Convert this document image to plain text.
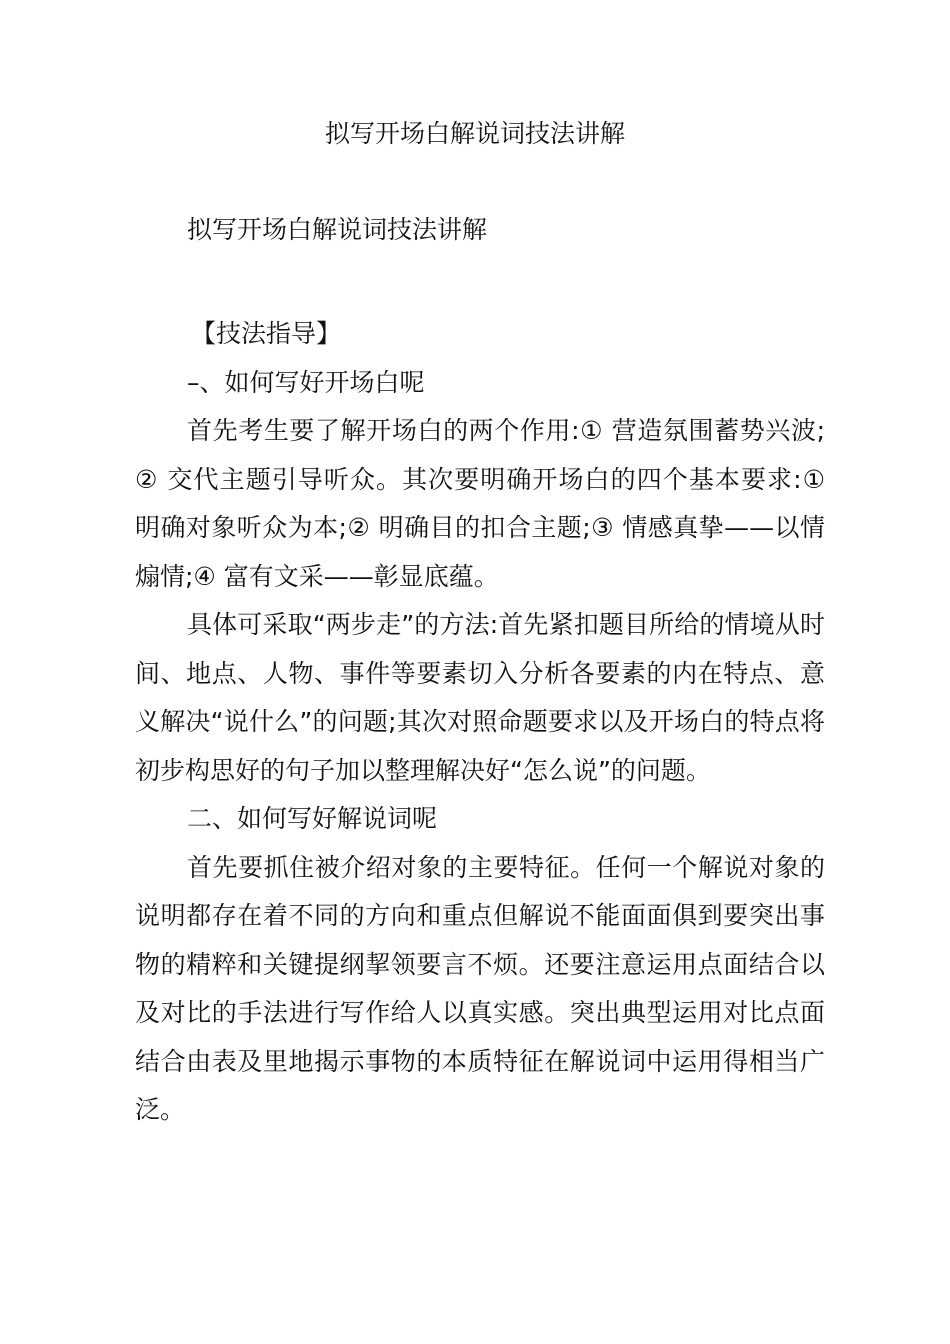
拟写开场白解说词技法讲解
拟写开场白解说词技法讲解

【技法指导】

–、如何写好开场白呢

首先考生要了解开场白的两个作用:① 营造氛围蓄势兴波;② 交代主题引导听众。其次要明确开场白的四个基本要求:① 明确对象听众为本;② 明确目的扣合主题;③ 情感真挚——以情煽情;④ 富有文采——彰显底蕴。

具体可采取“两步走”的方法:首先紧扣题目所给的情境从时间、地点、人物、事件等要素切入分析各要素的内在特点、意义解决“说什么”的问题;其次对照命题要求以及开场白的特点将初步构思好的句子加以整理解决好“怎么说”的问题。

二、如何写好解说词呢

首先要抓住被介绍对象的主要特征。任何一个解说对象的说明都存在着不同的方向和重点但解说不能面面俱到要突出事物的精粹和关键提纲挈领要言不烦。还要注意运用点面结合以及对比的手法进行写作给人以真实感。突出典型运用对比点面结合由表及里地揭示事物的本质特征在解说词中运用得相当广泛。
